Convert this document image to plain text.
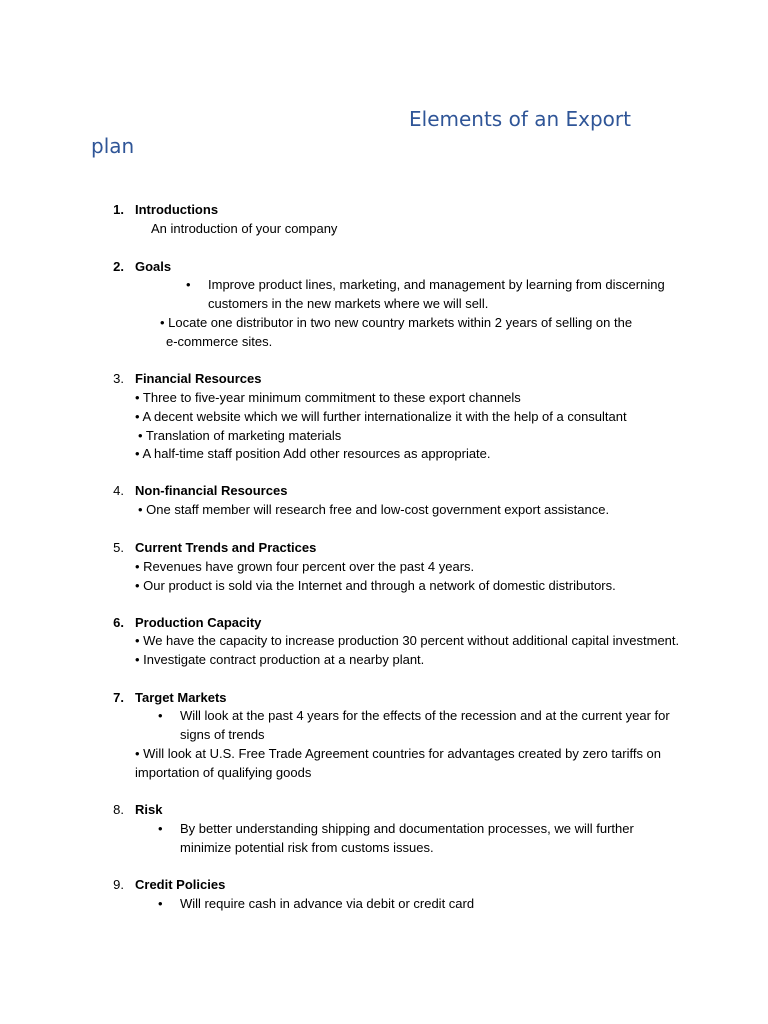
Elements of an Export
plan
1. Introductions
An introduction of your company
2. Goals
• Improve product lines, marketing, and management by learning from discerning
customers in the new markets where we will sell.
• Locate one distributor in two new country markets within 2 years of selling on the
e-commerce sites.
3. Financial Resources
• Three to five-year minimum commitment to these export channels
• A decent website which we will further internationalize it with the help of a consultant
• Translation of marketing materials
• A half-time staff position Add other resources as appropriate.
4. Non-financial Resources
• One staff member will research free and low-cost government export assistance.
5. Current Trends and Practices
• Revenues have grown four percent over the past 4 years.
• Our product is sold via the Internet and through a network of domestic distributors.
6. Production Capacity
• We have the capacity to increase production 30 percent without additional capital investment.
• Investigate contract production at a nearby plant.
7. Target Markets
• Will look at the past 4 years for the effects of the recession and at the current year for
signs of trends
• Will look at U.S. Free Trade Agreement countries for advantages created by zero tariffs on
importation of qualifying goods
8. Risk
• By better understanding shipping and documentation processes, we will further
minimize potential risk from customs issues.
9. Credit Policies
• Will require cash in advance via debit or credit card
